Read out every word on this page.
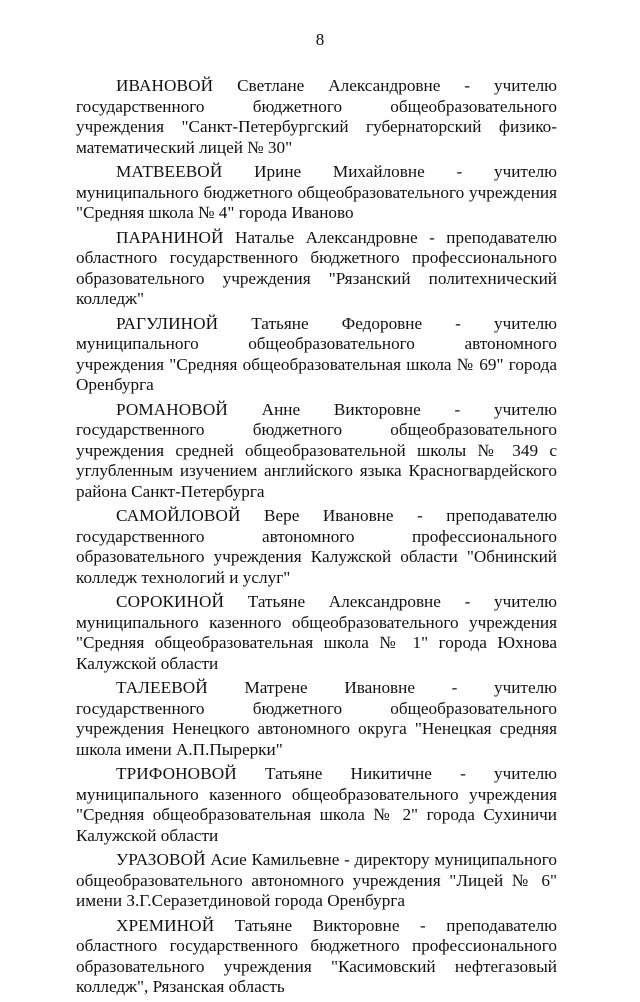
8

ИВАНОВОЙ Светлане Александровне - учителю государственного бюджетного общеобразовательного учреждения "Санкт-Петербургский губернаторский физико-математический лицей № 30"

МАТВЕЕВОЙ Ирине Михайловне - учителю муниципального бюджетного общеобразовательного учреждения "Средняя школа № 4" города Иваново

ПАРАНИНОЙ Наталье Александровне - преподавателю областного государственного бюджетного профессионального образовательного учреждения "Рязанский политехнический колледж"

РАГУЛИНОЙ Татьяне Федоровне - учителю муниципального общеобразовательного автономного учреждения "Средняя общеобразовательная школа № 69" города Оренбурга

РОМАНОВОЙ Анне Викторовне - учителю государственного бюджетного общеобразовательного учреждения средней общеобразовательной школы № 349 с углубленным изучением английского языка Красногвардейского района Санкт-Петербурга

САМОЙЛОВОЙ Вере Ивановне - преподавателю государственного автономного профессионального образовательного учреждения Калужской области "Обнинский колледж технологий и услуг"

СОРОКИНОЙ Татьяне Александровне - учителю муниципального казенного общеобразовательного учреждения "Средняя общеобразовательная школа № 1" города Юхнова Калужской области

ТАЛЕЕВОЙ Матрене Ивановне - учителю государственного бюджетного общеобразовательного учреждения Ненецкого автономного округа "Ненецкая средняя школа имени А.П.Пырерки"

ТРИФОНОВОЙ Татьяне Никитичне - учителю муниципального казенного общеобразовательного учреждения "Средняя общеобразовательная школа № 2" города Сухиничи Калужской области

УРАЗОВОЙ Асие Камильевне - директору муниципального общеобразовательного автономного учреждения "Лицей № 6" имени З.Г.Серазетдиновой города Оренбурга

ХРЕМИНОЙ Татьяне Викторовне - преподавателю областного государственного бюджетного профессионального образовательного учреждения "Касимовский нефтегазовый колледж", Рязанская область
